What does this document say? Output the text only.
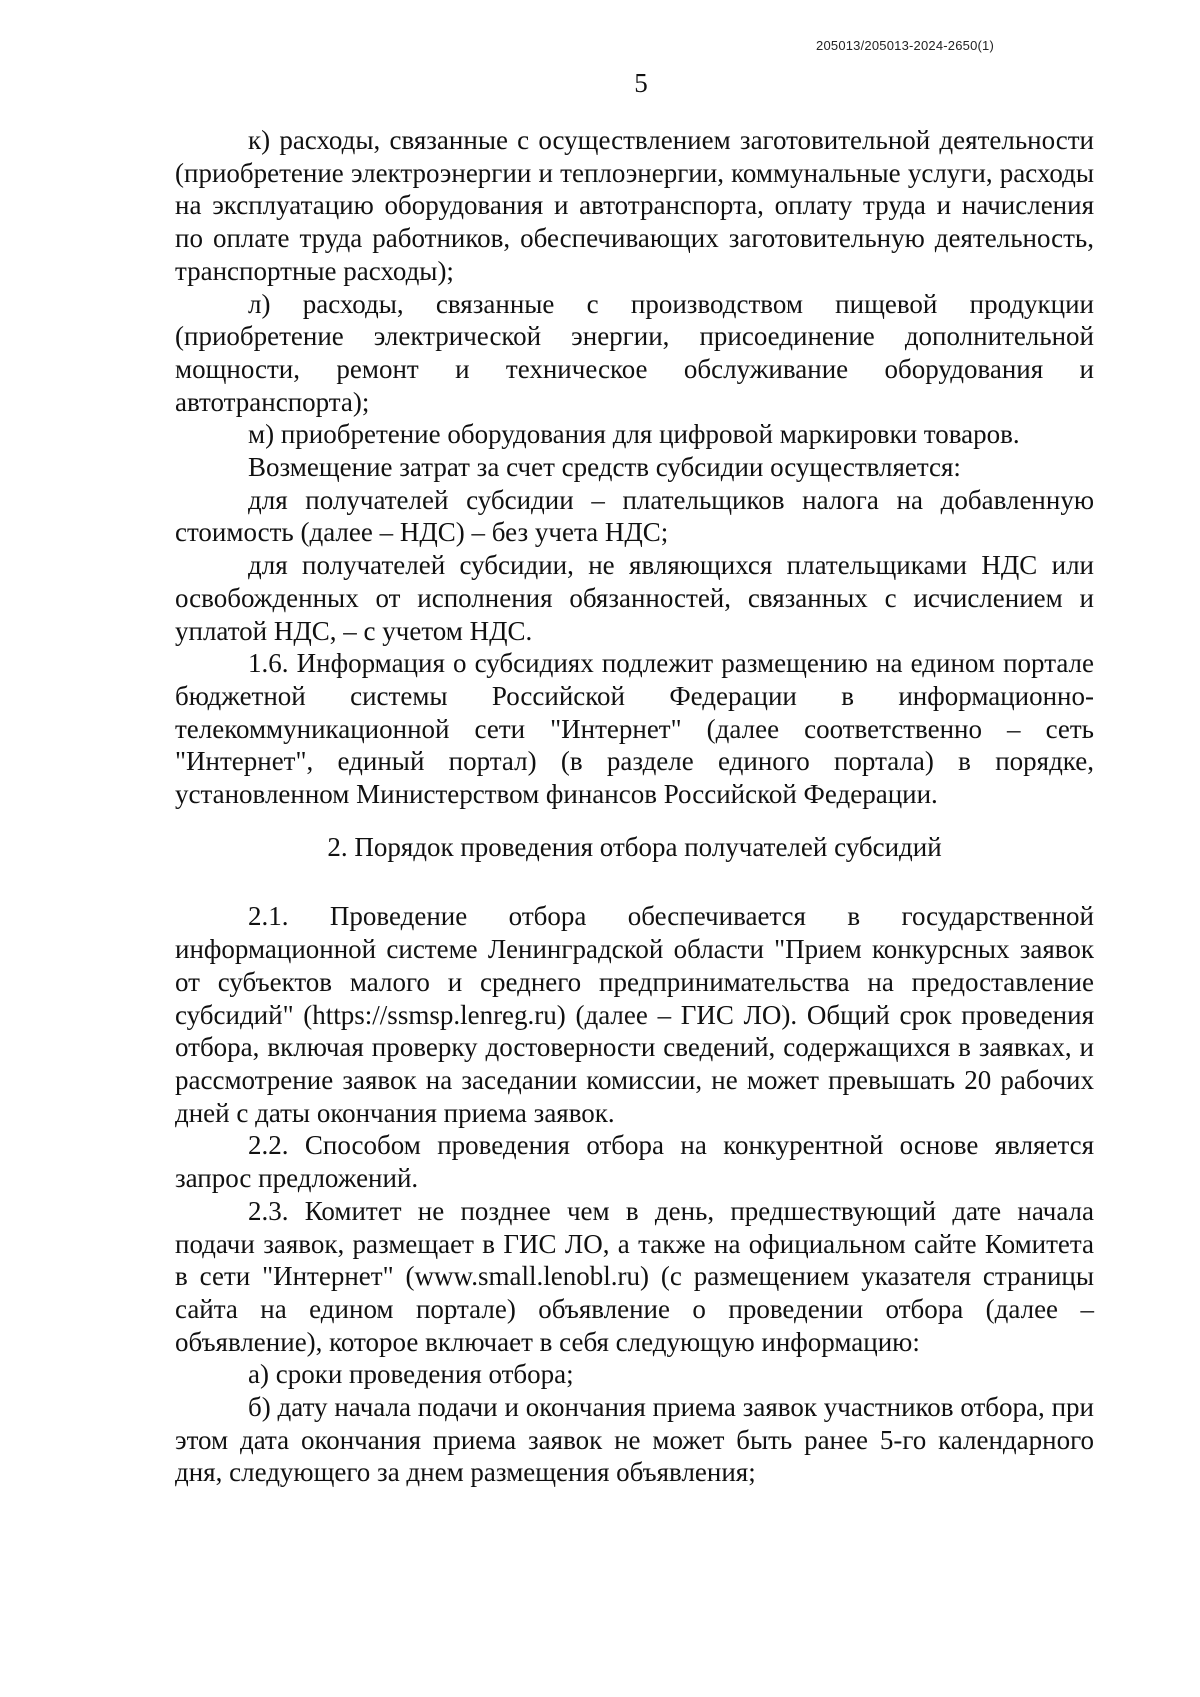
205013/205013-2024-2650(1)
5

к) расходы, связанные с осуществлением заготовительной деятельности (приобретение электроэнергии и теплоэнергии, коммунальные услуги, расходы на эксплуатацию оборудования и автотранспорта, оплату труда и начисления по оплате труда работников, обеспечивающих заготовительную деятельность, транспортные расходы);

л) расходы, связанные с производством пищевой продукции (приобретение электрической энергии, присоединение дополнительной мощности, ремонт и техническое обслуживание оборудования и автотранспорта);

м) приобретение оборудования для цифровой маркировки товаров.

Возмещение затрат за счет средств субсидии осуществляется:

для получателей субсидии – плательщиков налога на добавленную стоимость (далее – НДС) – без учета НДС;

для получателей субсидии, не являющихся плательщиками НДС или освобожденных от исполнения обязанностей, связанных с исчислением и уплатой НДС, – с учетом НДС.

1.6. Информация о субсидиях подлежит размещению на едином портале бюджетной системы Российской Федерации в информационно-телекоммуникационной сети "Интернет" (далее соответственно – сеть "Интернет", единый портал) (в разделе единого портала) в порядке, установленном Министерством финансов Российской Федерации.

2. Порядок проведения отбора получателей субсидий

2.1. Проведение отбора обеспечивается в государственной информационной системе Ленинградской области "Прием конкурсных заявок от субъектов малого и среднего предпринимательства на предоставление субсидий" (https://ssmsp.lenreg.ru) (далее – ГИС ЛО). Общий срок проведения отбора, включая проверку достоверности сведений, содержащихся в заявках, и рассмотрение заявок на заседании комиссии, не может превышать 20 рабочих дней с даты окончания приема заявок.

2.2. Способом проведения отбора на конкурентной основе является запрос предложений.

2.3. Комитет не позднее чем в день, предшествующий дате начала подачи заявок, размещает в ГИС ЛО, а также на официальном сайте Комитета в сети "Интернет" (www.small.lenobl.ru) (с размещением указателя страницы сайта на едином портале) объявление о проведении отбора (далее – объявление), которое включает в себя следующую информацию:

а) сроки проведения отбора;

б) дату начала подачи и окончания приема заявок участников отбора, при этом дата окончания приема заявок не может быть ранее 5-го календарного дня, следующего за днем размещения объявления;
